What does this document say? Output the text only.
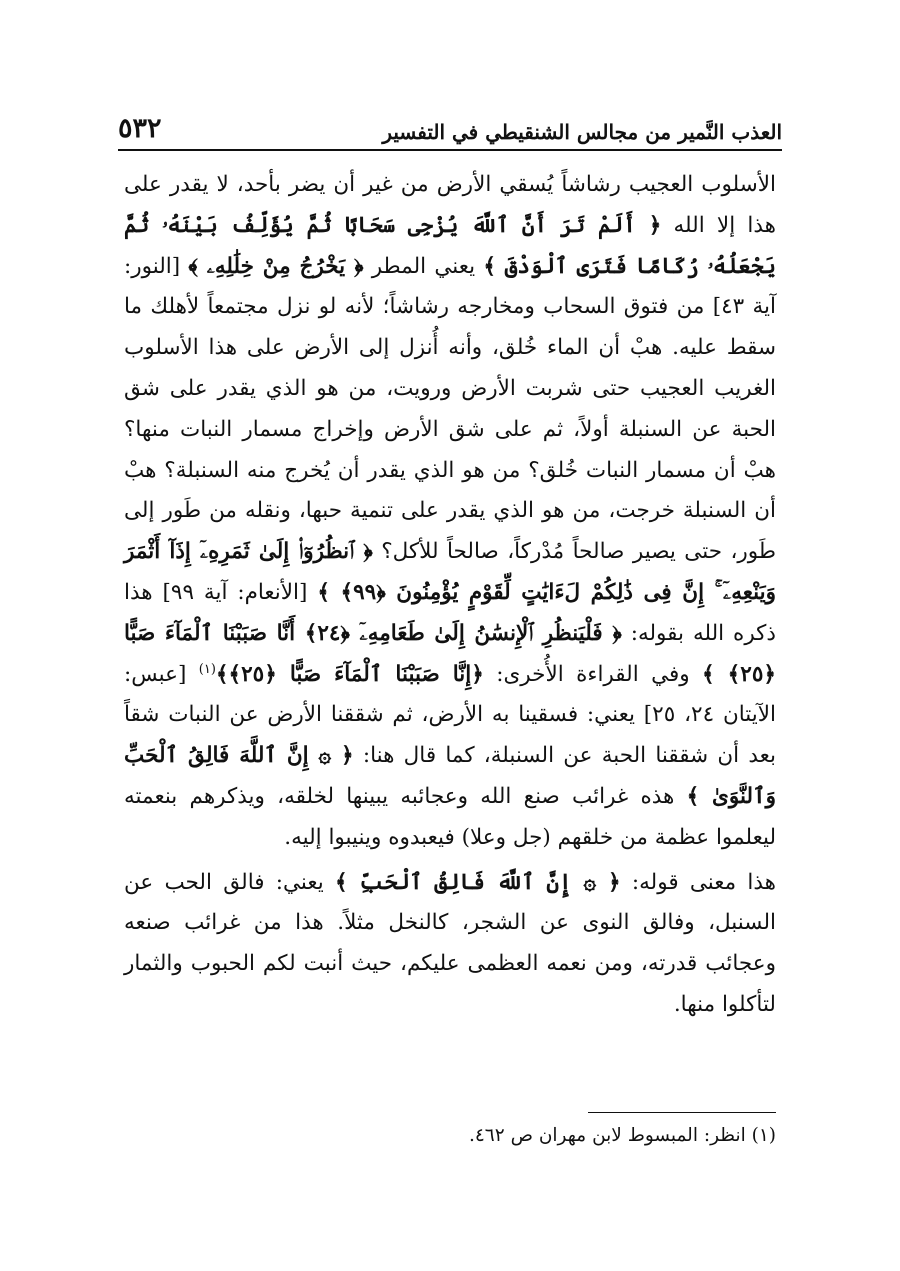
العذب النَّمير من مجالس الشنقيطي في التفسير
٥٣٢

الأسلوب العجيب رشاشاً يُسقي الأرض من غير أن يضر بأحد، لا يقدر على هذا إلا الله ﴿ أَلَمْ تَرَ أَنَّ ٱللَّهَ يُزْجِى سَحَابًا ثُمَّ يُؤَلِّفُ بَيْنَهُۥ ثُمَّ يَجْعَلُهُۥ رُكَامًا فَتَرَى ٱلْوَدْقَ ﴾ يعني المطر ﴿ يَخْرُجُ مِنْ خِلَٰلِهِۦ ﴾ [النور: آية ٤٣] من فتوق السحاب ومخارجه رشاشاً؛ لأنه لو نزل مجتمعاً لأهلك ما سقط عليه. هبْ أن الماء خُلق، وأنه أُنزل إلى الأرض على هذا الأسلوب الغريب العجيب حتى شربت الأرض ورويت، من هو الذي يقدر على شق الحبة عن السنبلة أولاً، ثم على شق الأرض وإخراج مسمار النبات منها؟ هبْ أن مسمار النبات خُلق؟ من هو الذي يقدر أن يُخرج منه السنبلة؟ هبْ أن السنبلة خرجت، من هو الذي يقدر على تنمية حبها، ونقله من طَور إلى طَور، حتى يصير صالحاً مُدْركاً، صالحاً للأكل؟ ﴿ ٱنظُرُوٓا۟ إِلَىٰ ثَمَرِهِۦٓ إِذَآ أَثْمَرَ وَيَنْعِهِۦٓ ۚ إِنَّ فِى ذَٰلِكُمْ لَءَايَٰتٍ لِّقَوْمٍ يُؤْمِنُونَ ﴿٩٩﴾ ﴾ [الأنعام: آية ٩٩] هذا ذكره الله بقوله: ﴿ فَلْيَنظُرِ ٱلْإِنسَٰنُ إِلَىٰ طَعَامِهِۦٓ ﴿٢٤﴾ أَنَّا صَبَبْنَا ٱلْمَآءَ صَبًّا ﴿٢٥﴾ ﴾ وفي القراءة الأُخرى: ﴿إِنَّا صَبَبْنَا ٱلْمَآءَ صَبًّا ﴿٢٥﴾﴾$^{(١)}$ [عبس: الآيتان ٢٤، ٢٥] يعني: فسقينا به الأرض، ثم شققنا الأرض عن النبات شقاً بعد أن شققنا الحبة عن السنبلة، كما قال هنا: ﴿ ۞ إِنَّ ٱللَّهَ فَالِقُ ٱلْحَبِّ وَٱلنَّوَىٰ ﴾ هذه غرائب صنع الله وعجائبه يبينها لخلقه، ويذكرهم بنعمته ليعلموا عظمة من خلقهم (جل وعلا) فيعبدوه وينيبوا إليه.

هذا معنى قوله: ﴿ ۞ إِنَّ ٱللَّهَ فَالِقُ ٱلْحَبِّ ﴾ يعني: فالق الحب عن السنبل، وفالق النوى عن الشجر، كالنخل مثلاً. هذا من غرائب صنعه وعجائب قدرته، ومن نعمه العظمى عليكم، حيث أنبت لكم الحبوب والثمار لتأكلوا منها.

(١) انظر: المبسوط لابن مهران ص ٤٦٢.
